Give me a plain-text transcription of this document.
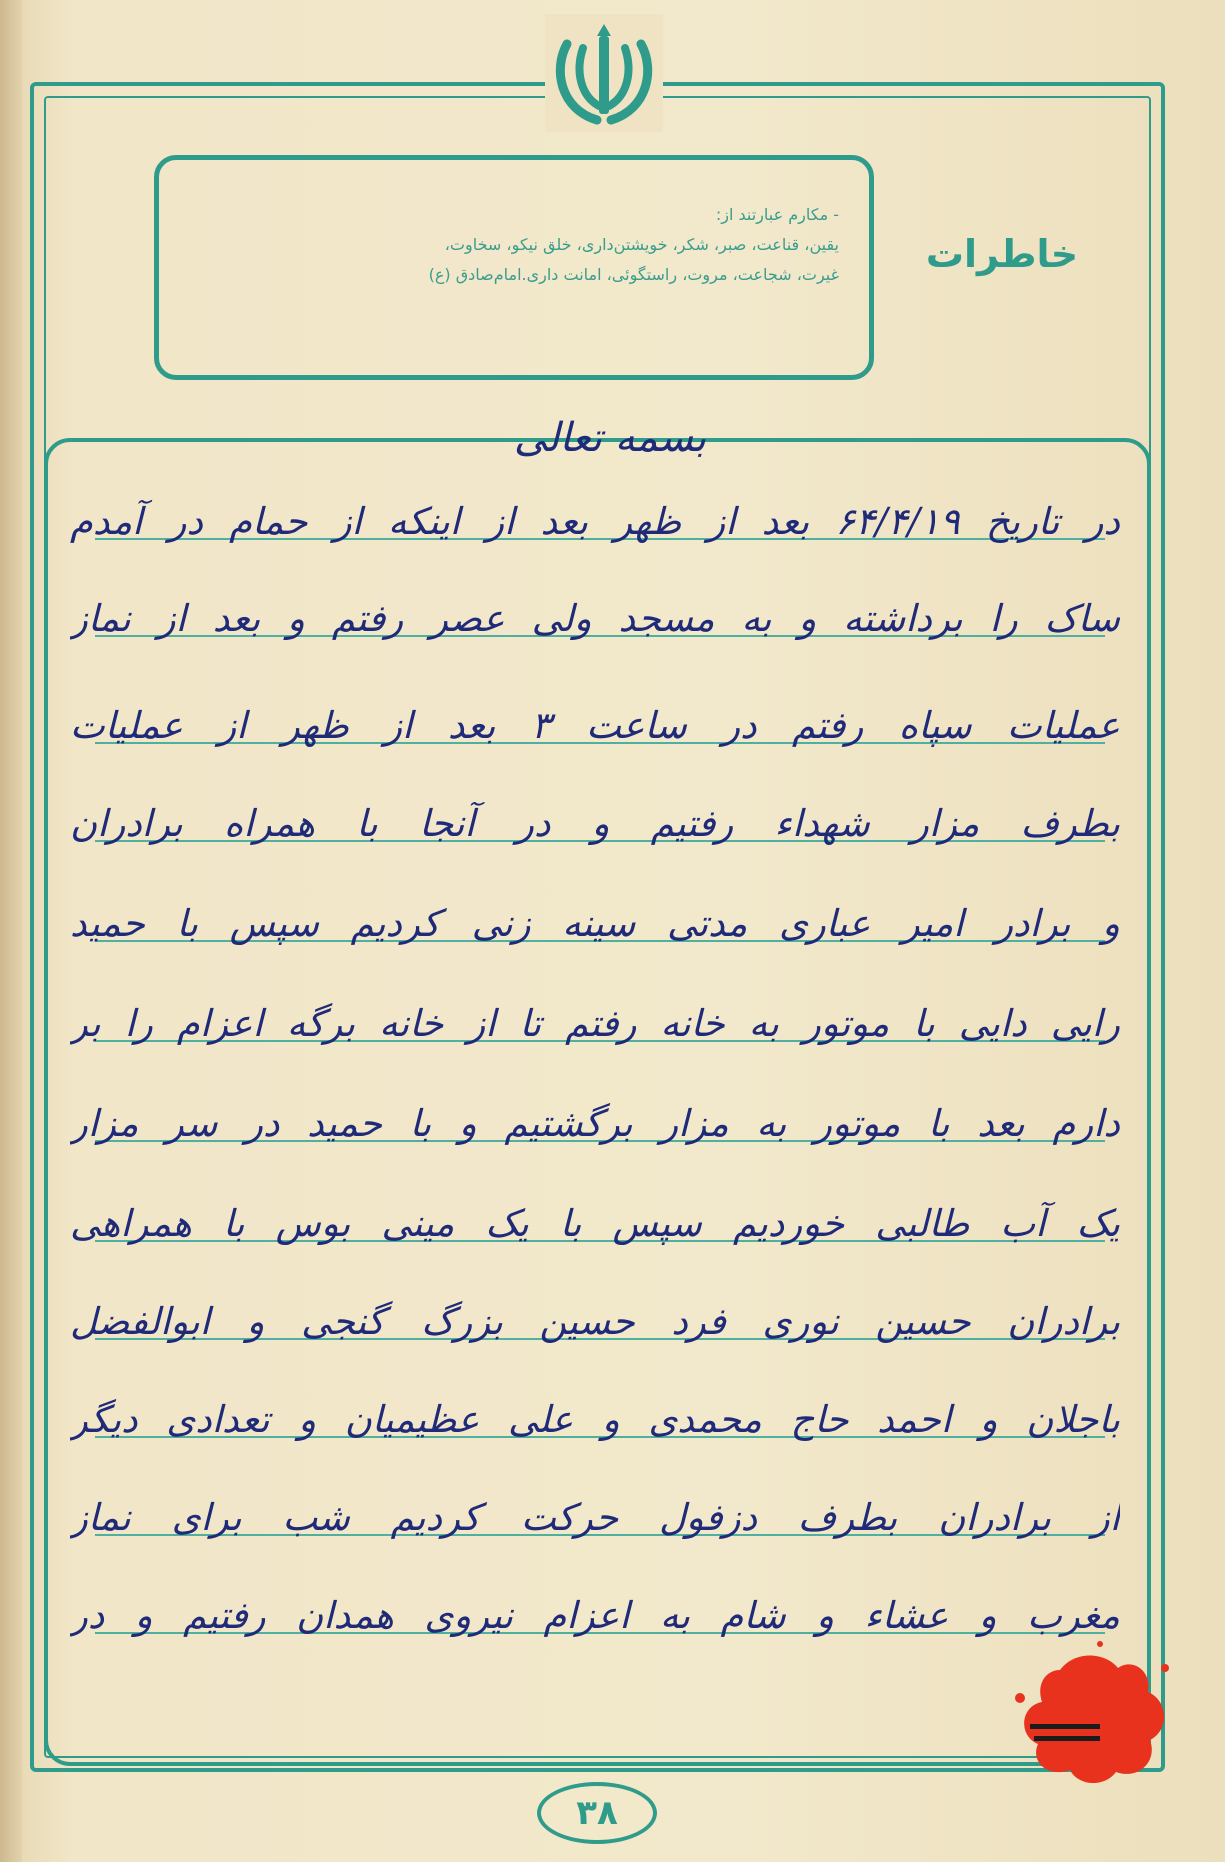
- مکارم عبارتند از:
یقین، قناعت، صبر، شکر، خویشتن‌داری، خلق نیکو، سخاوت،
غیرت، شجاعت، مروت، راستگوئی، امانت داری.امام‌صادق (ع)	خاطرات
بسمه تعالی
در تاریخ ۶۴/۴/۱۹ بعد از ظهر بعد از اینکه از حمام در آمدم
ساک را برداشته و به مسجد ولی عصر رفتم و بعد از نماز
عملیات سپاه رفتم در ساعت ۳ بعد از ظهر از عملیات
بطرف مزار شهداء رفتیم و در آنجا با همراه برادران
و برادر امیر عباری مدتی سینه زنی کردیم سپس با حمید
رایی دایی با موتور به خانه رفتم تا از خانه برگه اعزام را بر
دارم بعد با موتور به مزار برگشتیم و با حمید در سر مزار
یک آب طالبی خوردیم سپس با یک مینی بوس با همراهی
برادران حسین نوری فرد حسین بزرگ گنجی و ابوالفضل
باجلان و احمد حاج محمدی و علی عظیمیان و تعدادی دیگر
از برادران بطرف دزفول حرکت کردیم شب برای نماز
مغرب و عشاء و شام به اعزام نیروی همدان رفتیم و در
۳۸
